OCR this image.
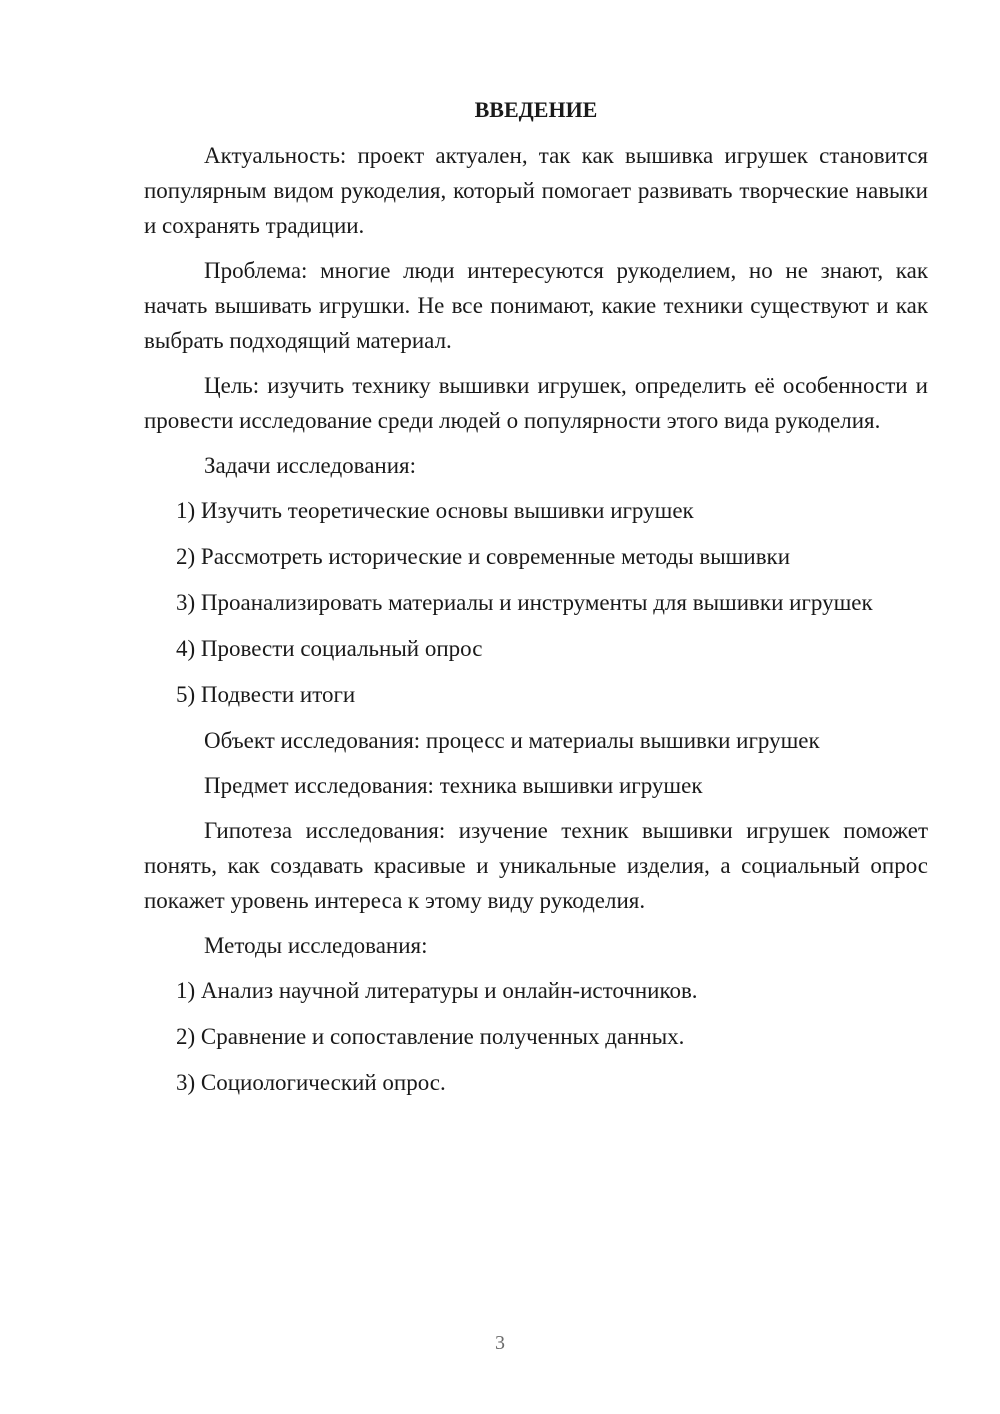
ВВЕДЕНИЕ

Актуальность: проект актуален, так как вышивка игрушек становится популярным видом рукоделия, который помогает развивать творческие навыки и сохранять традиции.

Проблема: многие люди интересуются рукоделием, но не знают, как начать вышивать игрушки. Не все понимают, какие техники существуют и как выбрать подходящий материал.

Цель: изучить технику вышивки игрушек, определить её особенности и провести исследование среди людей о популярности этого вида рукоделия.

Задачи исследования:

1) Изучить теоретические основы вышивки игрушек

2) Рассмотреть исторические и современные методы вышивки

3) Проанализировать материалы и инструменты для вышивки игрушек

4) Провести социальный опрос

5) Подвести итоги

Объект исследования: процесс и материалы вышивки игрушек

Предмет исследования: техника вышивки игрушек

Гипотеза исследования: изучение техник вышивки игрушек поможет понять, как создавать красивые и уникальные изделия, а социальный опрос покажет уровень интереса к этому виду рукоделия.

Методы исследования:

1) Анализ научной литературы и онлайн-источников.

2) Сравнение и сопоставление полученных данных.

3) Социологический опрос.

3
